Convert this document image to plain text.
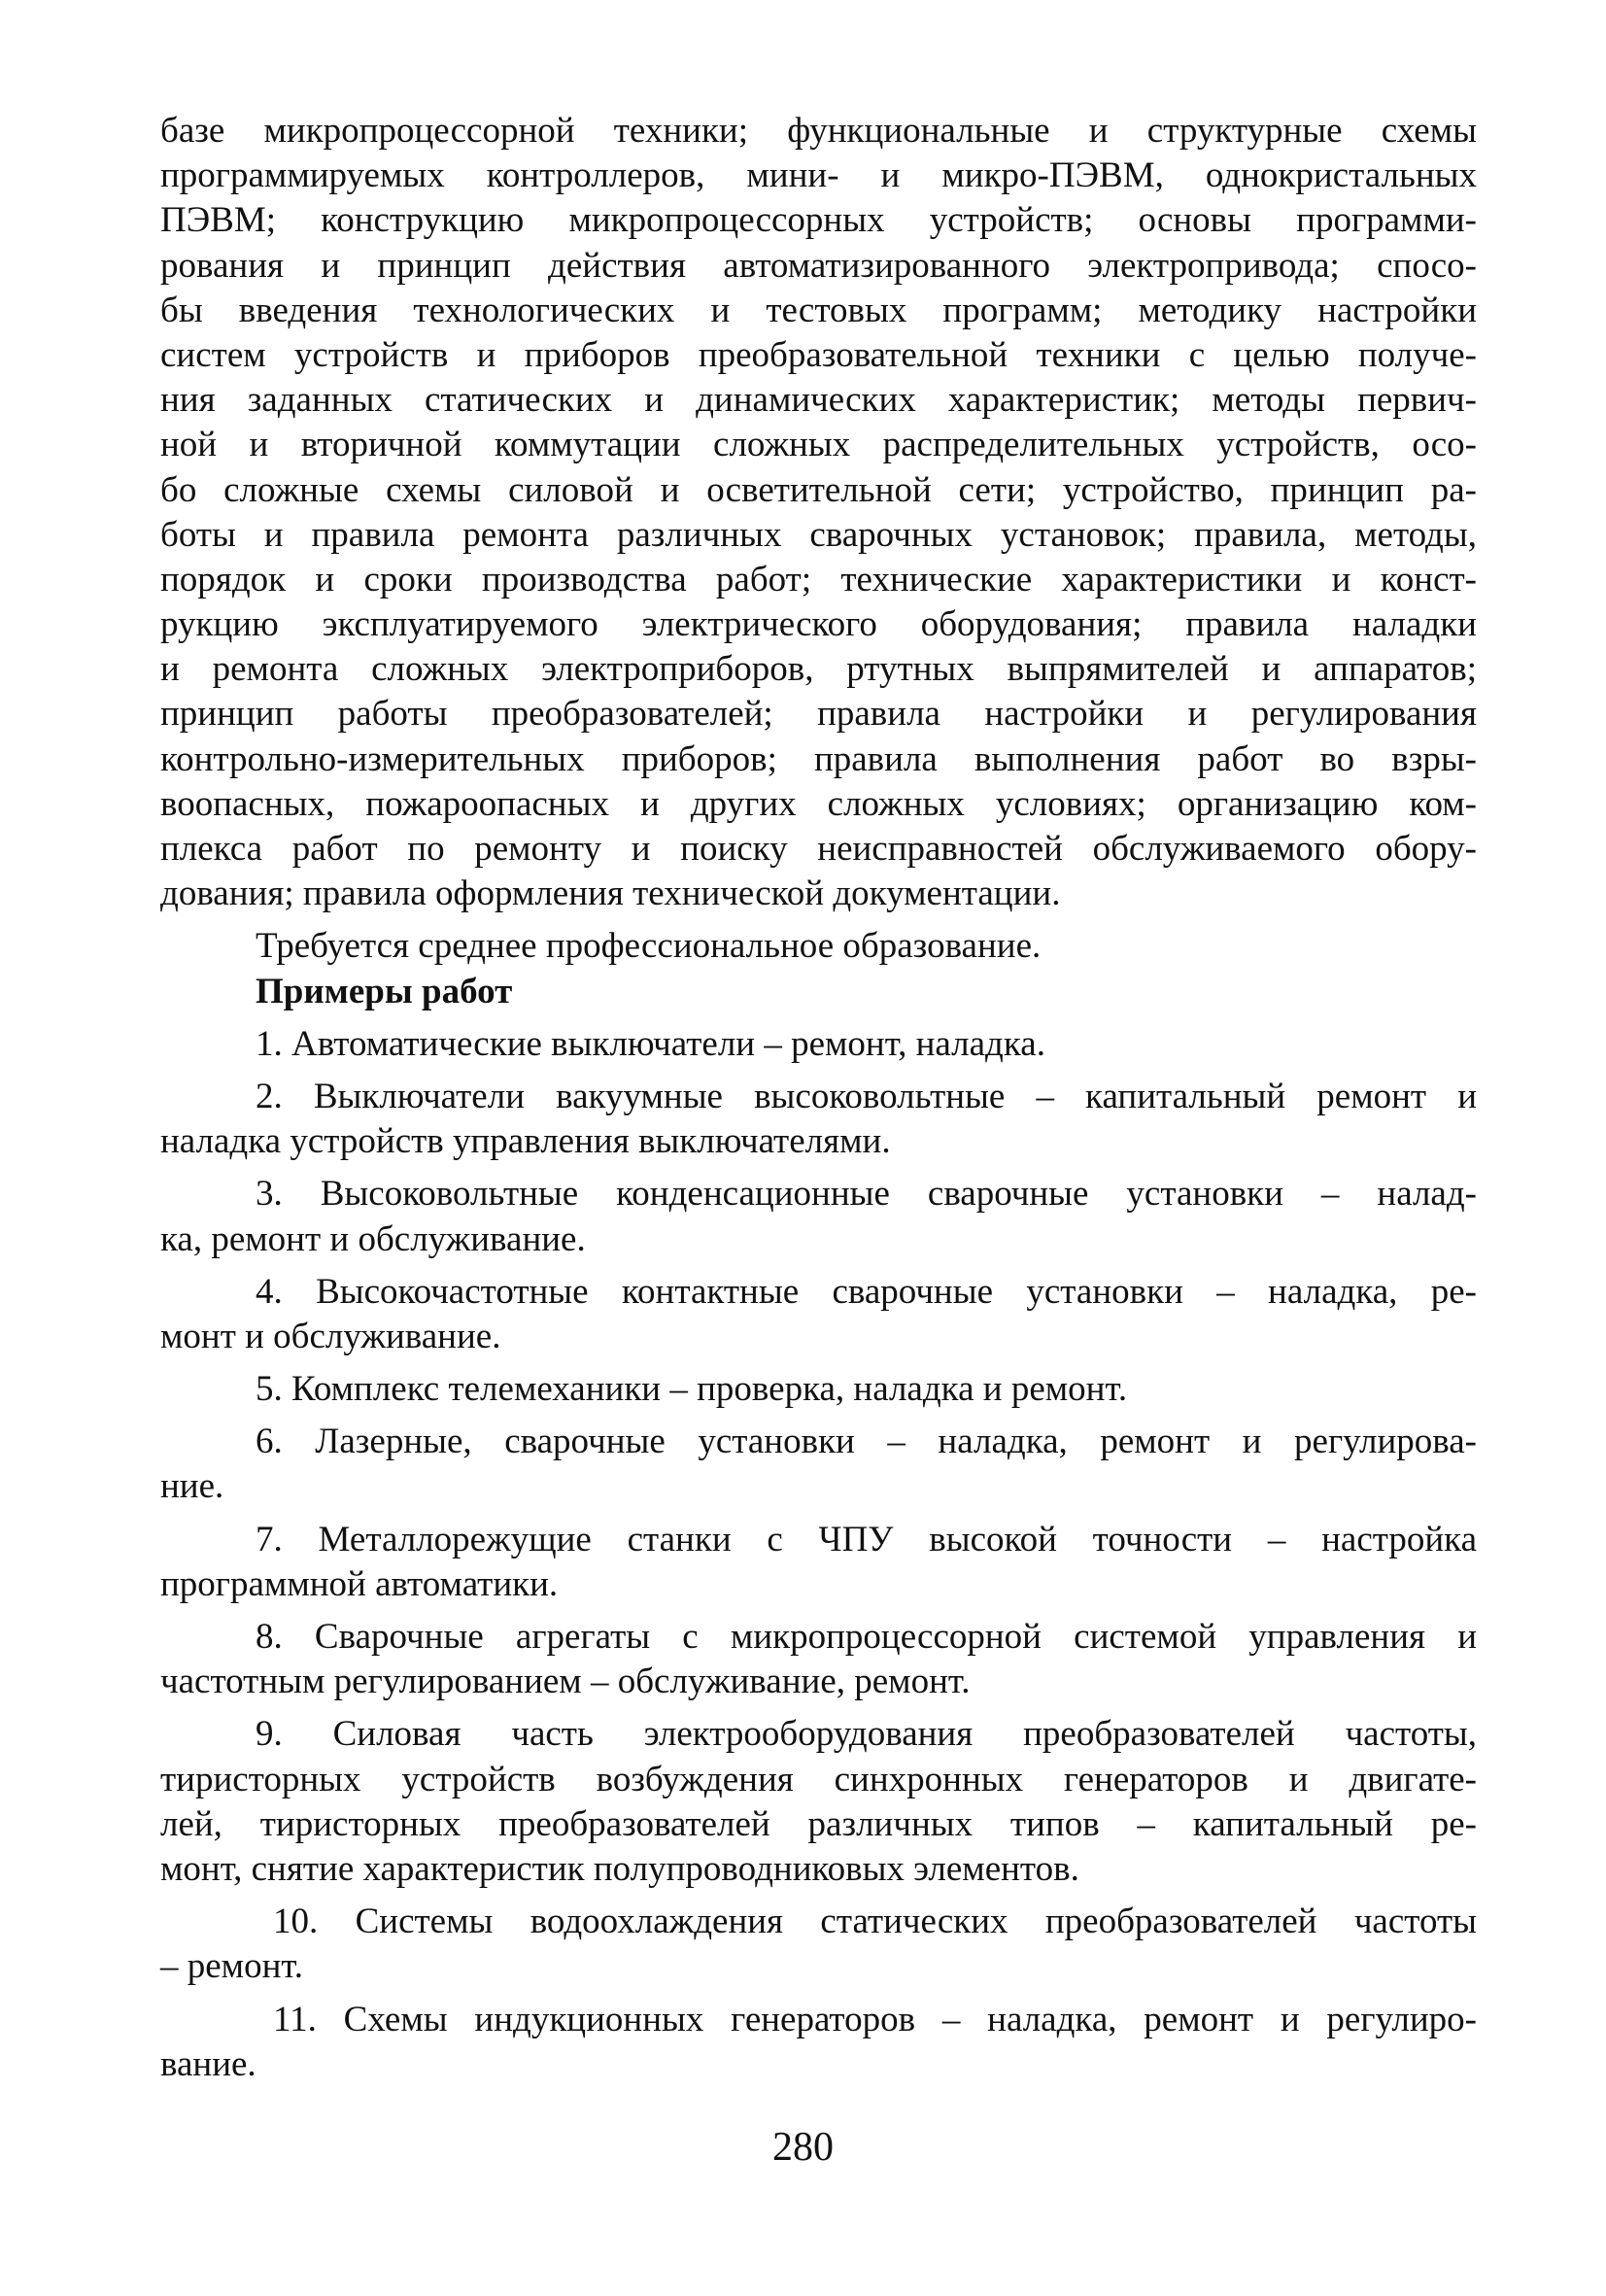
базе микропроцессорной техники; функциональные и структурные схемы
программируемых контроллеров, мини- и микро-ПЭВМ, однокристальных
ПЭВМ; конструкцию микропроцессорных устройств; основы программи-
рования и принцип действия автоматизированного электропривода; спосо-
бы введения технологических и тестовых программ; методику настройки
систем устройств и приборов преобразовательной техники с целью получе-
ния заданных статических и динамических характеристик; методы первич-
ной и вторичной коммутации сложных распределительных устройств, осо-
бо сложные схемы силовой и осветительной сети; устройство, принцип ра-
боты и правила ремонта различных сварочных установок; правила, методы,
порядок и сроки производства работ; технические характеристики и конст-
рукцию эксплуатируемого электрического оборудования; правила наладки
и ремонта сложных электроприборов, ртутных выпрямителей и аппаратов;
принцип работы преобразователей; правила настройки и регулирования
контрольно-измерительных приборов; правила выполнения работ во взры-
воопасных, пожароопасных и других сложных условиях; организацию ком-
плекса работ по ремонту и поиску неисправностей обслуживаемого обору-
дования; правила оформления технической документации.
Требуется среднее профессиональное образование.
Примеры работ
1. Автоматические выключатели – ремонт, наладка.
2. Выключатели вакуумные высоковольтные – капитальный ремонт и
наладка устройств управления выключателями.
3. Высоковольтные конденсационные сварочные установки – налад-
ка, ремонт и обслуживание.
4. Высокочастотные контактные сварочные установки – наладка, ре-
монт и обслуживание.
5. Комплекс телемеханики – проверка, наладка и ремонт.
6. Лазерные, сварочные установки – наладка, ремонт и регулирова-
ние.
7. Металлорежущие станки с ЧПУ высокой точности – настройка
программной автоматики.
8. Сварочные агрегаты с микропроцессорной системой управления и
частотным регулированием – обслуживание, ремонт.
9. Силовая часть электрооборудования преобразователей частоты,
тиристорных устройств возбуждения синхронных генераторов и двигате-
лей, тиристорных преобразователей различных типов – капитальный ре-
монт, снятие характеристик полупроводниковых элементов.
10. Системы водоохлаждения статических преобразователей частоты
– ремонт.
11. Схемы индукционных генераторов – наладка, ремонт и регулиро-
вание.
280
